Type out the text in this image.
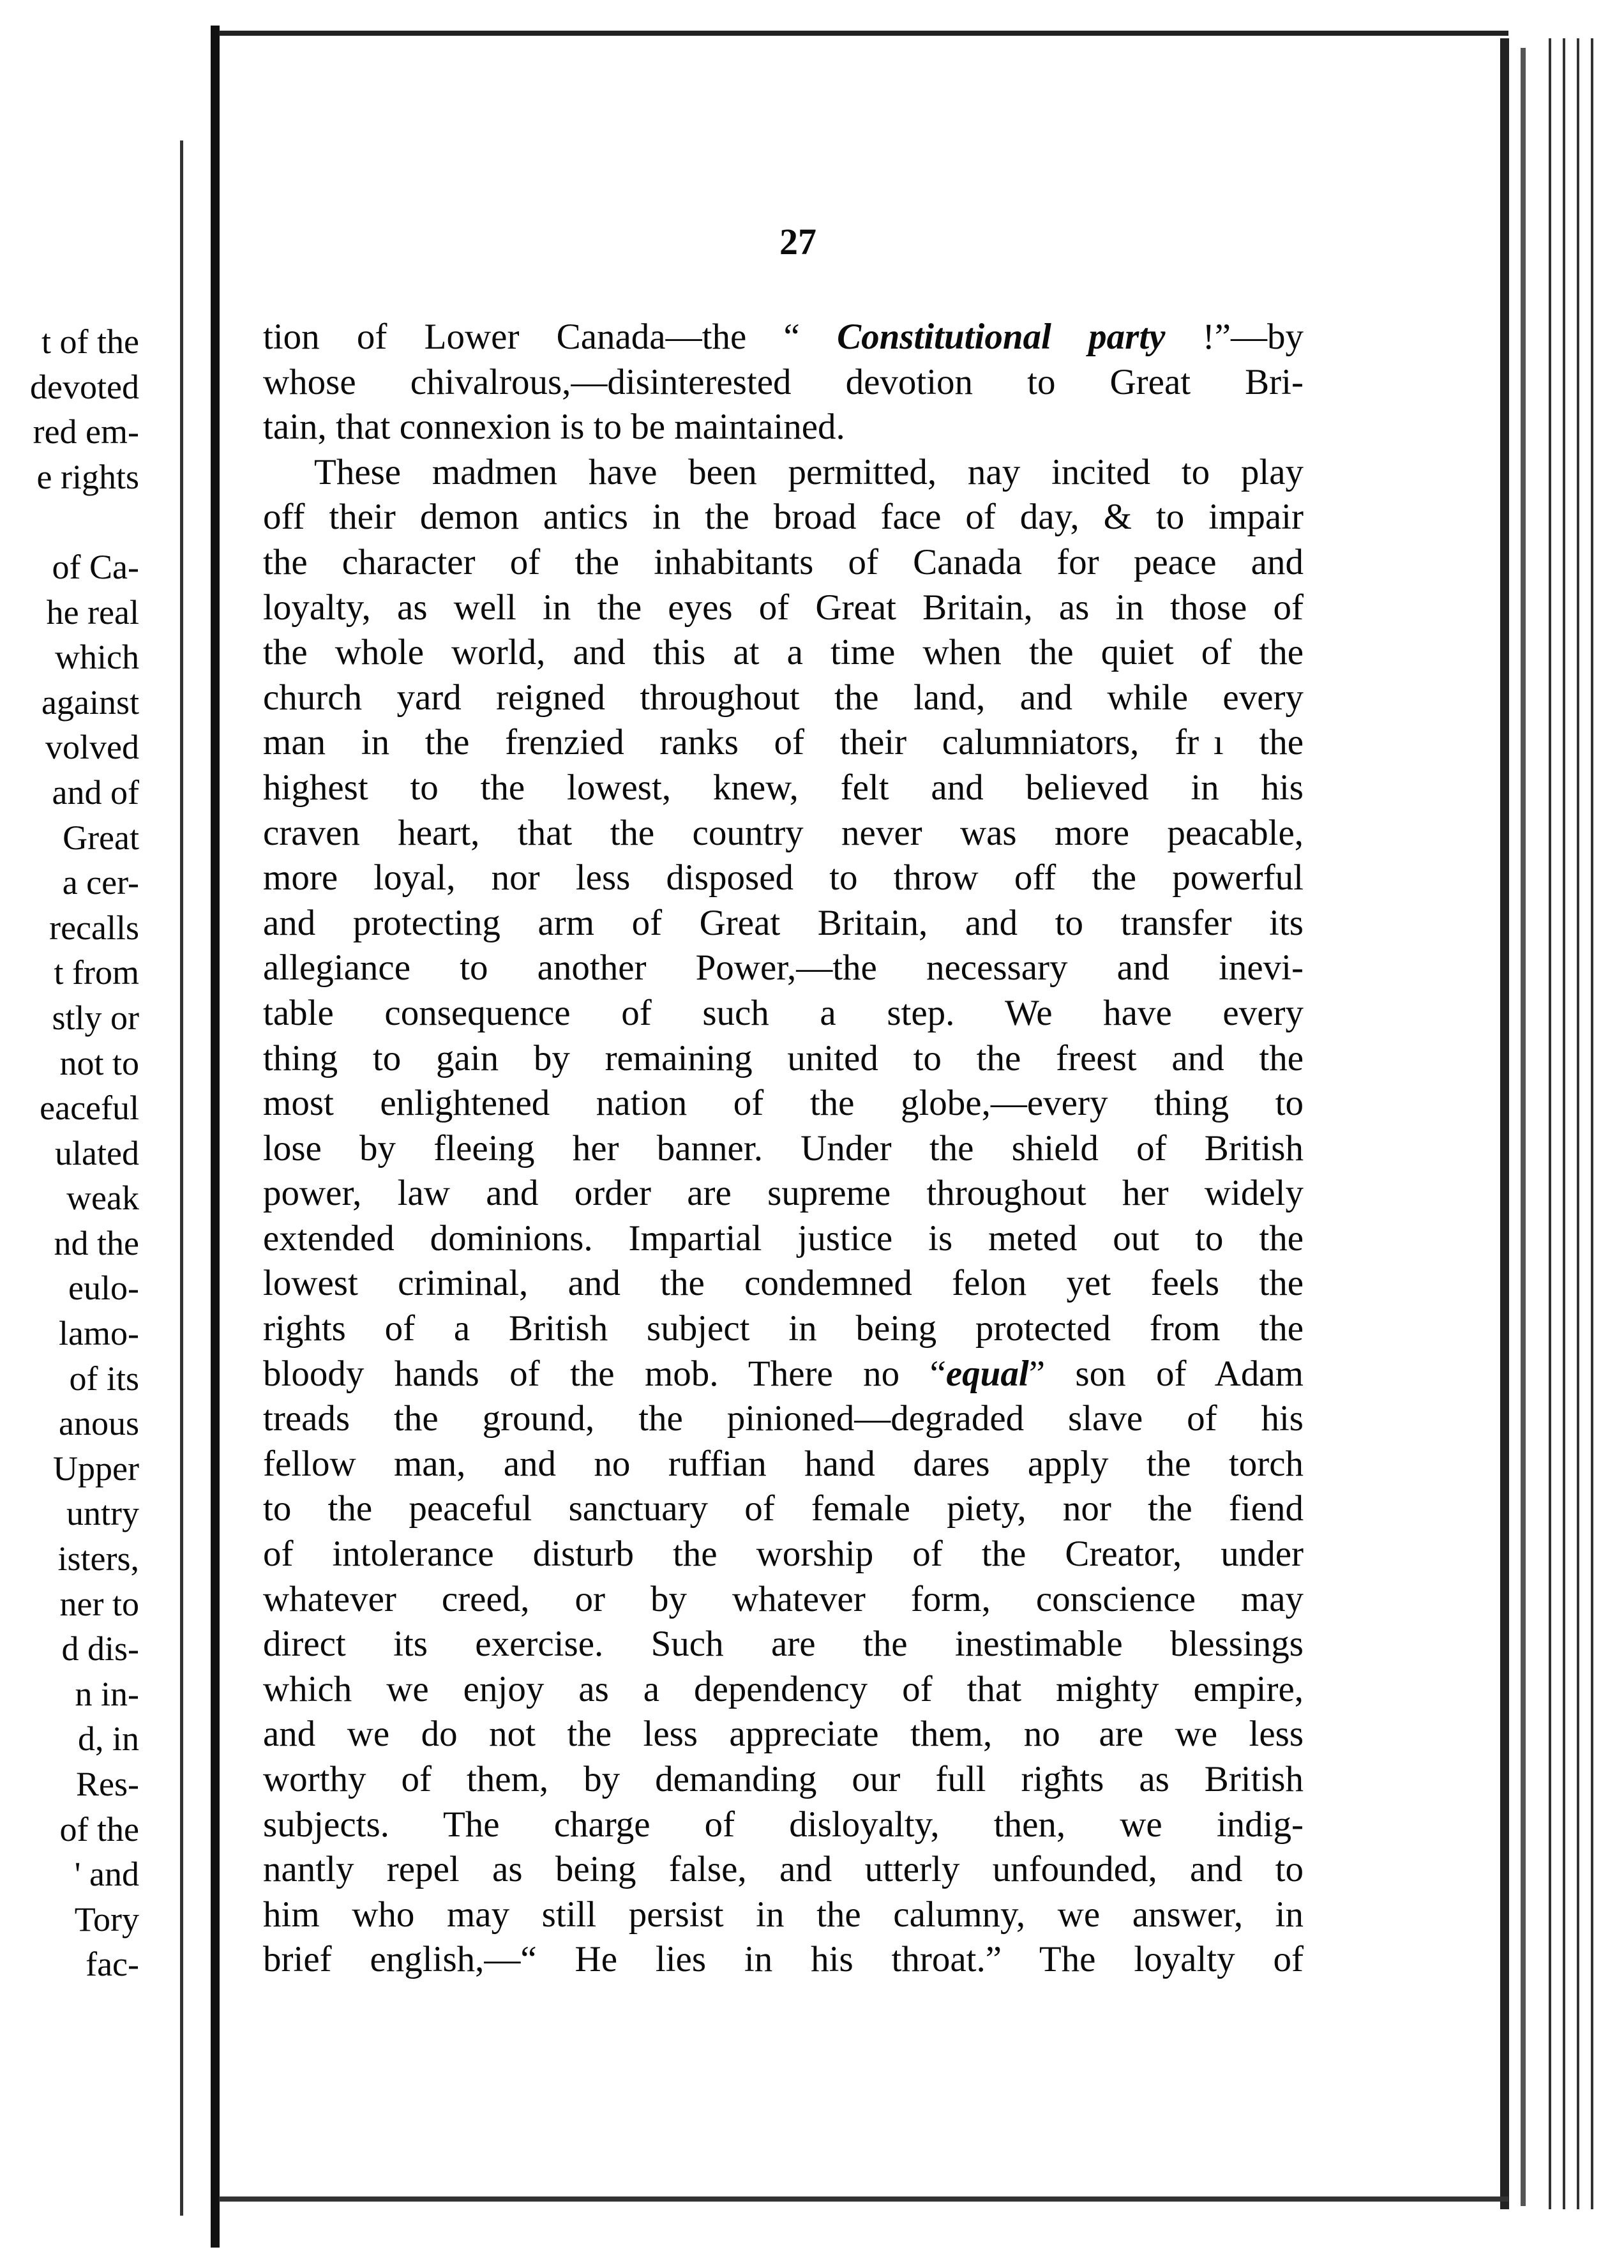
t of the
devoted
red em-
e rights
of Ca-
he real
which
against
volved
and of
Great
a cer-
recalls
t from
stly or
not to
eaceful
ulated
weak
nd the
eulo-
lamo-
of its
anous
Upper
untry
isters,
ner to
d dis-
n in-
d, in
Res-
of the
' and
Tory
fac-
27
tion of Lower Canada—the “ Constitutional party !”—by
whose chivalrous,—disinterested devotion to Great Bri-
tain, that connexion is to be maintained.
These madmen have been permitted, nay incited to play
off their demon antics in the broad face of day, & to impair
the character of the inhabitants of Canada for peace and
loyalty, as well in the eyes of Great Britain, as in those of
the whole world, and this at a time when the quiet of the
church yard reigned throughout the land, and while every
man in the frenzied ranks of their calumniators, fr  ı the
highest to the lowest, knew, felt and believed in his
craven heart, that the country never was more peacable,
more loyal, nor less disposed to throw off the powerful
and protecting arm of Great Britain, and to transfer its
allegiance to another Power,—the necessary and inevi-
table consequence of such a step. We have every
thing to gain by remaining united to the freest and the
most enlightened nation of the globe,—every thing to
lose by fleeing her banner. Under the shield of British
power, law and order are supreme throughout her widely
extended dominions. Impartial justice is meted out to the
lowest criminal, and the condemned felon yet feels the
rights of a British subject in being protected from the
bloody hands of the mob. There no “equal” son of Adam
treads the ground, the pinioned—degraded slave of his
fellow man, and no ruffian hand dares apply the torch
to the peaceful sanctuary of female piety, nor the fiend
of intolerance disturb the worship of the Creator, under
whatever creed, or by whatever form, conscience may
direct its exercise. Such are the inestimable blessings
which we enjoy as a dependency of that mighty empire,
and we do not the less appreciate them, no  are we less
worthy of them, by demanding our full rigħts as British
subjects. The charge of disloyalty, then, we indig-
nantly repel as being false, and utterly unfounded, and to
him who may still persist in the calumny, we answer, in
brief english,—“ He lies in his throat.” The loyalty of
